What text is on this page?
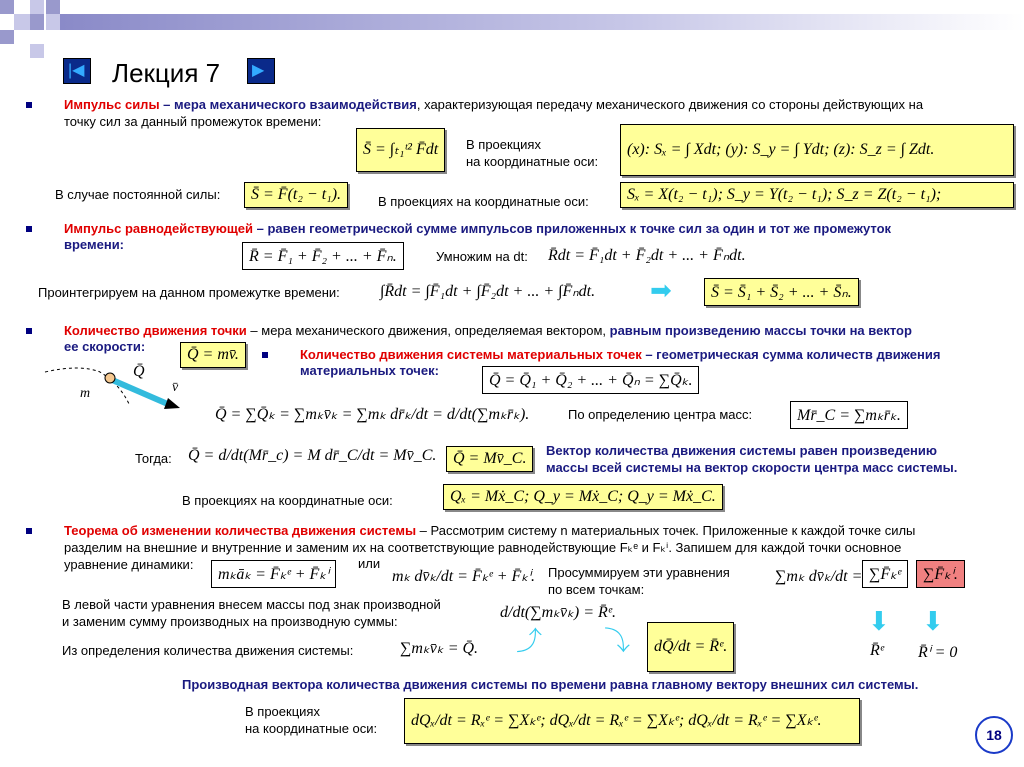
|◀ Лекция 7 ▶
Импульс силы – мера механического взаимодействия, характеризующая передачу механического движения со стороны действующих на
точку сил за данный промежуток времени:
S̄ = ∫ₜ₁ᵗ² F̄dt	В проекциях
на координатные оси:
(x): Sₓ = ∫ Xdt; (y): S_y = ∫ Ydt; (z): S_z = ∫ Zdt.
В случае постоянной силы:	S̄ = F̄(t₂ − t₁).	В проекциях на координатные оси:	Sₓ = X(t₂ − t₁); S_y = Y(t₂ − t₁); S_z = Z(t₂ − t₁);
Импульс равнодействующей – равен геометрической сумме импульсов приложенных к точке сил за один и тот же промежуток
времени:
R̄ = F̄₁ + F̄₂ + ... + F̄ₙ.	Умножим на dt: R̄dt = F̄₁dt + F̄₂dt + ... + F̄ₙdt.
Проинтегрируем на данном промежутке времени:	∫R̄dt = ∫F̄₁dt + ∫F̄₂dt + ... + ∫F̄ₙdt. ➡	S̄ = S̄₁ + S̄₂ + ... + S̄ₙ.
Количество движения точки – мера механического движения, определяемая вектором, равным произведению массы точки на вектор
ее скорости:	Q̄ = mv̄.
Q̄
v̄
m
Количество движения системы материальных точек – геометрическая сумма количеств движения
материальных точек:
Q̄ = Q̄₁ + Q̄₂ + ... + Q̄ₙ = ∑Q̄ₖ.
Q̄ = ∑Q̄ₖ = ∑mₖv̄ₖ = ∑mₖ dr̄ₖ/dt = d/dt(∑mₖr̄ₖ).	По определению центра масс:	Mr̄_C = ∑mₖr̄ₖ.
Тогда: Q̄ = d/dt(Mr̄_c) = M dr̄_C/dt = Mv̄_C.	Q̄ = Mv̄_C.	Вектор количества движения системы равен произведению
массы всей системы на вектор скорости центра масс системы.
В проекциях на координатные оси:	Qₓ = Mẋ_C; Q_y = Mẋ_C; Q_y = Mẋ_C.
Теорема об изменении количества движения системы – Рассмотрим систему n материальных точек. Приложенные к каждой точке силы
разделим на внешние и внутренние и заменим их на соответствующие равнодействующие Fₖᵉ и Fₖⁱ. Запишем для каждой точки основное
уравнение динамики:	или
mₖāₖ = F̄ₖᵉ + F̄ₖⁱ	mₖ dv̄ₖ/dt = F̄ₖᵉ + F̄ₖⁱ. Просуммируем эти уравнения
по всем точкам:
∑mₖ dv̄ₖ/dt = ∑F̄ₖᵉ	∑F̄ₖⁱ.
⬇ ⬇
R̄ᵉ R̄ⁱ = 0
В левой части уравнения внесем массы под знак производной
и заменим сумму производных на производную суммы:
d/dt(∑mₖv̄ₖ) = R̄ᵉ.
Из определения количества движения системы:	∑mₖv̄ₖ = Q̄. ⤴ ⤵	dQ̄/dt = R̄ᵉ.
Производная вектора количества движения системы по времени равна главному вектору внешних сил системы.
В проекциях
на координатные оси:	dQₓ/dt = Rₓᵉ = ∑Xₖᵉ; dQₓ/dt = Rₓᵉ = ∑Xₖᵉ; dQₓ/dt = Rₓᵉ = ∑Xₖᵉ.
18
